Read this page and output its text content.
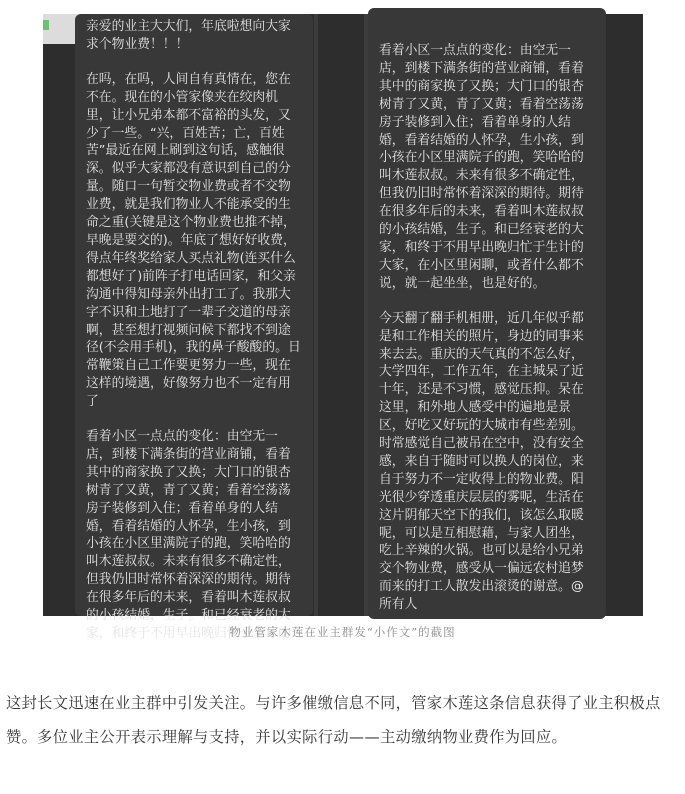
亲爱的业主大大们，年底啦想向大家求个物业费！！！

在吗，在吗，人间自有真情在，您在不在。现在的小管家像夹在绞肉机里，让小兄弟本都不富裕的头发，又少了一些。“兴，百姓苦；亡，百姓苦”最近在网上刷到这句话，感触很深。似乎大家都没有意识到自己的分量。随口一句暂交物业费或者不交物业费，就是我们物业人不能承受的生命之重(关键是这个物业费也推不掉，早晚是要交的)。年底了想好好收费，得点年终奖给家人买点礼物(连买什么都想好了)前阵子打电话回家，和父亲沟通中得知母亲外出打工了。我那大字不识和土地打了一辈子交道的母亲啊，甚至想打视频问候下都找不到途径(不会用手机)，我的鼻子酸酸的。日常鞭策自己工作要更努力一些，现在这样的境遇，好像努力也不一定有用了

看着小区一点点的变化：由空无一店，到楼下满条街的营业商铺，看着其中的商家换了又换；大门口的银杏树青了又黄，青了又黄；看着空荡荡房子装修到入住；看着单身的人结婚，看着结婚的人怀孕，生小孩，到小孩在小区里满院子的跑，笑哈哈的叫木莲叔叔。未来有很多不确定性，但我仍旧时常怀着深深的期待。期待在很多年后的未来，看着叫木莲叔叔的小孩结婚，生子。和已经衰老的大家，和终于不用早出晚归忙于生计的

看着小区一点点的变化：由空无一店，到楼下满条街的营业商铺，看着其中的商家换了又换；大门口的银杏树青了又黄，青了又黄；看着空荡荡房子装修到入住；看着单身的人结婚，看着结婚的人怀孕，生小孩，到小孩在小区里满院子的跑，笑哈哈的叫木莲叔叔。未来有很多不确定性，但我仍旧时常怀着深深的期待。期待在很多年后的未来，看着叫木莲叔叔的小孩结婚，生子。和已经衰老的大家，和终于不用早出晚归忙于生计的大家，在小区里闲聊，或者什么都不说，就一起坐坐，也是好的。

今天翻了翻手机相册，近几年似乎都是和工作相关的照片，身边的同事来来去去。重庆的天气真的不怎么好，大学四年，工作五年，在主城呆了近十年，还是不习惯，感觉压抑。呆在这里，和外地人感受中的遍地是景区，好吃又好玩的大城市有些差别。时常感觉自己被吊在空中，没有安全感，来自于随时可以换人的岗位，来自于努力不一定收得上的物业费。阳光很少穿透重庆层层的雾呢，生活在这片阴郁天空下的我们，该怎么取暖呢，可以是互相慰藉，与家人团坐，吃上辛辣的火锅。也可以是给小兄弟交个物业费，感受从一偏远农村追梦而来的打工人散发出滚烫的谢意。@所有人

物业管家木莲在业主群发“小作文”的截图

这封长文迅速在业主群中引发关注。与许多催缴信息不同，管家木莲这条信息获得了业主积极点赞。多位业主公开表示理解与支持，并以实际行动——主动缴纳物业费作为回应。
